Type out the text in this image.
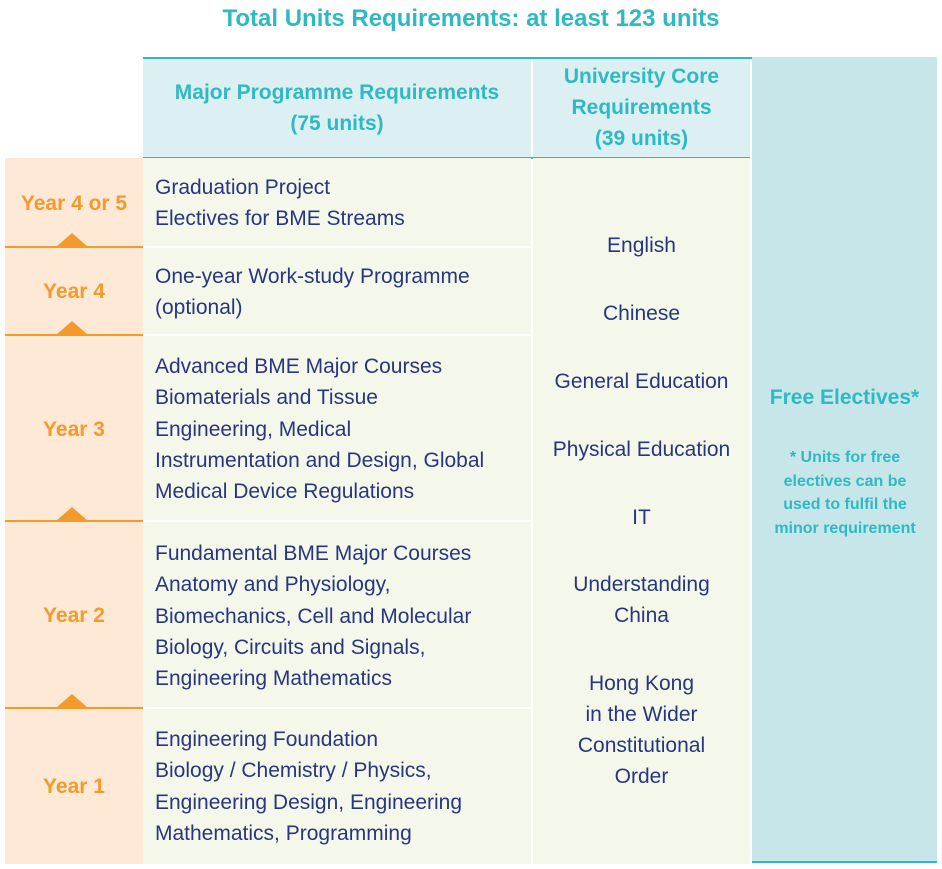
Total Units Requirements: at least 123 units
Major Programme Requirements
(75 units)
University Core
Requirements
(39 units)
Free Electives*
* Units for free
electives can be
used to fulfil the
minor requirement
Year 4 or 5
Year 4
Year 3
Year 2
Year 1
Graduation Project
Electives for BME Streams
One-year Work-study Programme
(optional)
Advanced BME Major Courses
Biomaterials and Tissue
Engineering, Medical
Instrumentation and Design, Global
Medical Device Regulations
Fundamental BME Major Courses
Anatomy and Physiology,
Biomechanics, Cell and Molecular
Biology, Circuits and Signals,
Engineering Mathematics
Engineering Foundation
Biology / Chemistry / Physics,
Engineering Design, Engineering
Mathematics, Programming
English
Chinese
General Education
Physical Education
IT
Understanding
China
Hong Kong
in the Wider
Constitutional
Order
